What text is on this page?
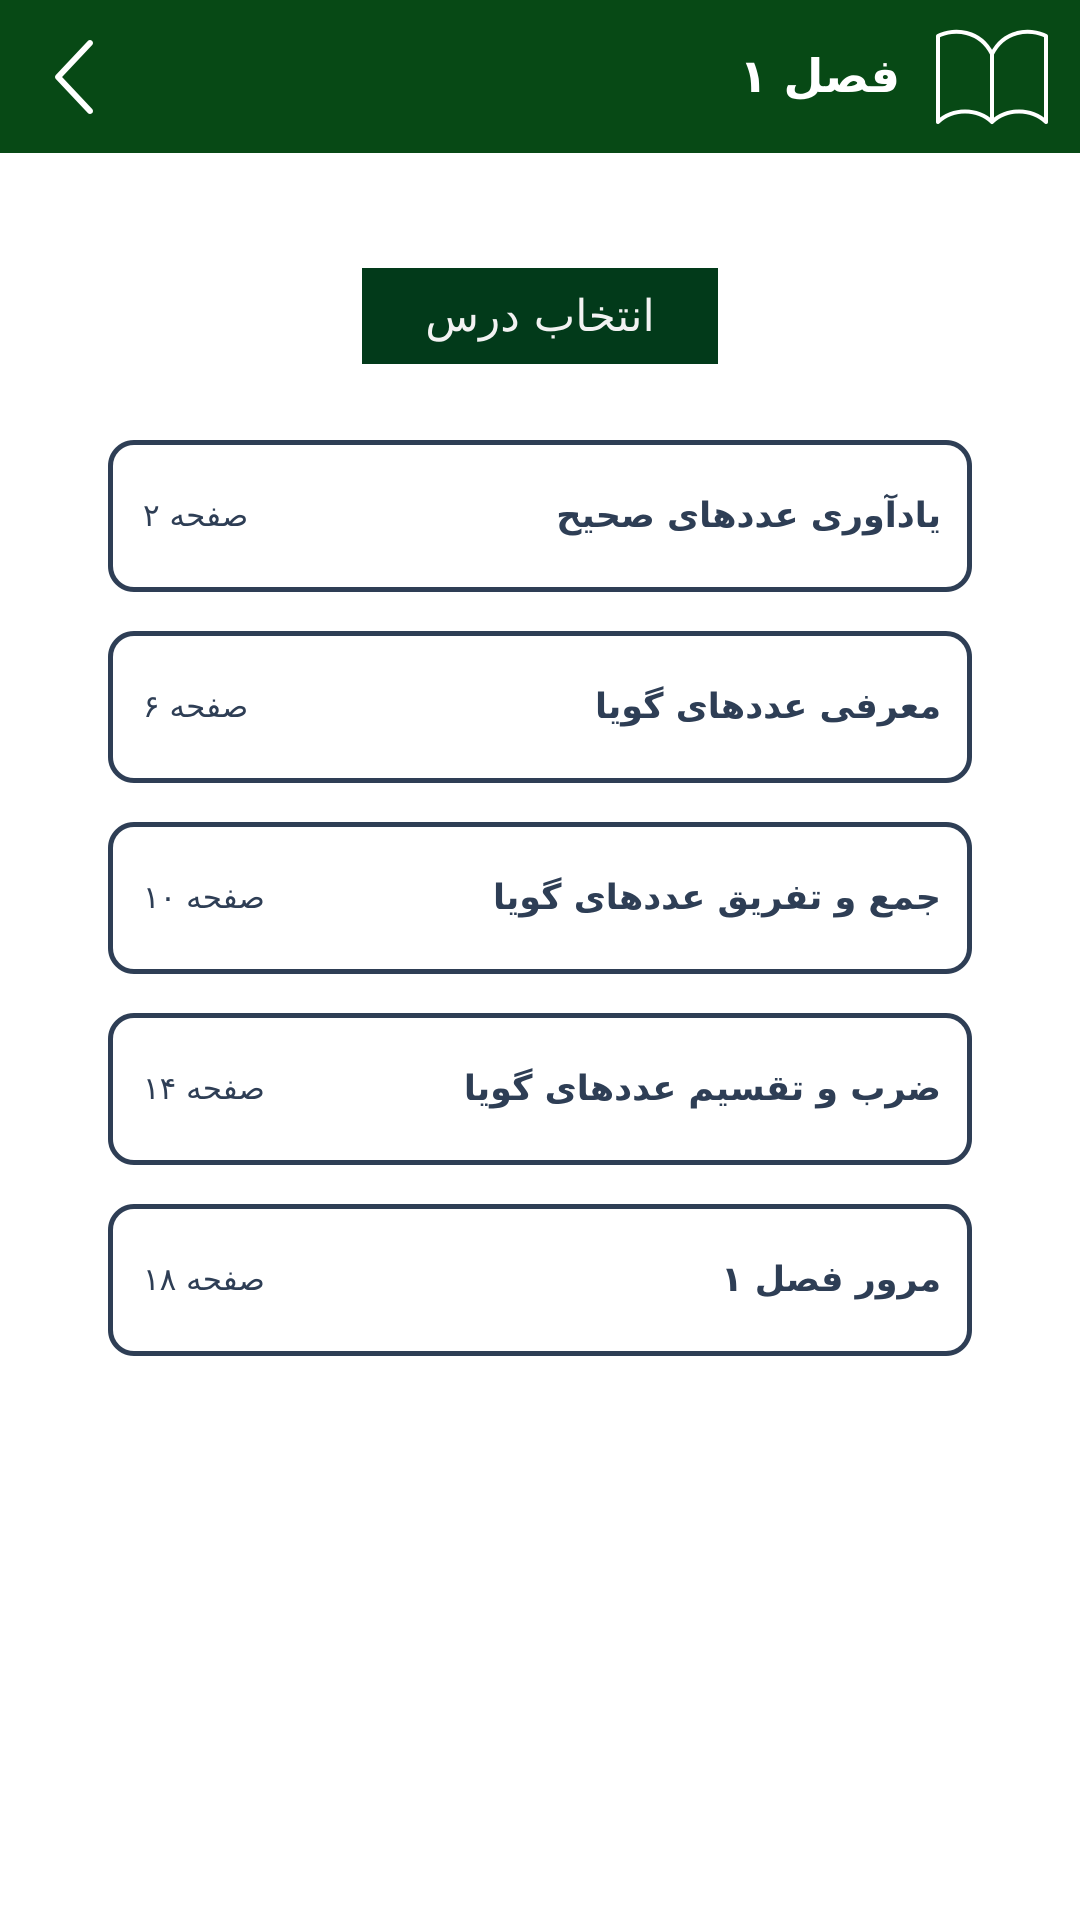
فصل ۱
انتخاب درس
یادآوری عددهای صحیح
صفحه ۲
معرفی عددهای گویا
صفحه ۶
جمع و تفریق عددهای گویا
صفحه ۱۰
ضرب و تقسیم عددهای گویا
صفحه ۱۴
مرور فصل ۱
صفحه ۱۸
